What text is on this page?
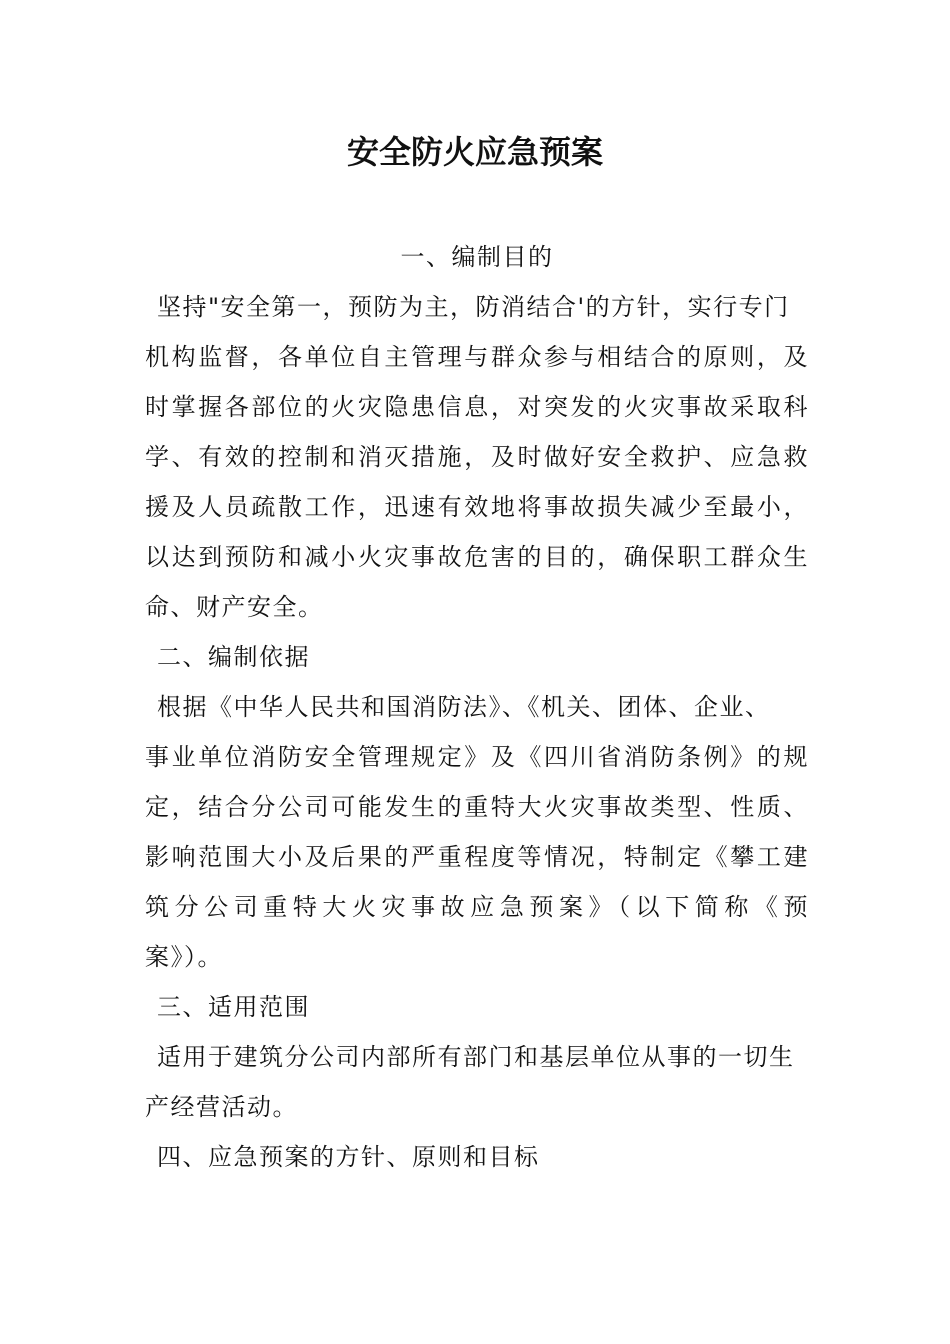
安全防火应急预案
一、编制目的
坚持"安全第一，预防为主，防消结合'的方针，实行专门
机构监督，各单位自主管理与群众参与相结合的原则，及
时掌握各部位的火灾隐患信息，对突发的火灾事故采取科
学、有效的控制和消灭措施，及时做好安全救护、应急救
援及人员疏散工作，迅速有效地将事故损失减少至最小，
以达到预防和减小火灾事故危害的目的，确保职工群众生
命、财产安全。
二、编制依据
根据《中华人民共和国消防法》、《机关、团体、企业、
事业单位消防安全管理规定》及《四川省消防条例》的规
定，结合分公司可能发生的重特大火灾事故类型、性质、
影响范围大小及后果的严重程度等情况，特制定《攀工建
筑分公司重特大火灾事故应急预案》（以下简称《预
案》）。
三、适用范围
适用于建筑分公司内部所有部门和基层单位从事的一切生
产经营活动。
四、应急预案的方针、原则和目标
